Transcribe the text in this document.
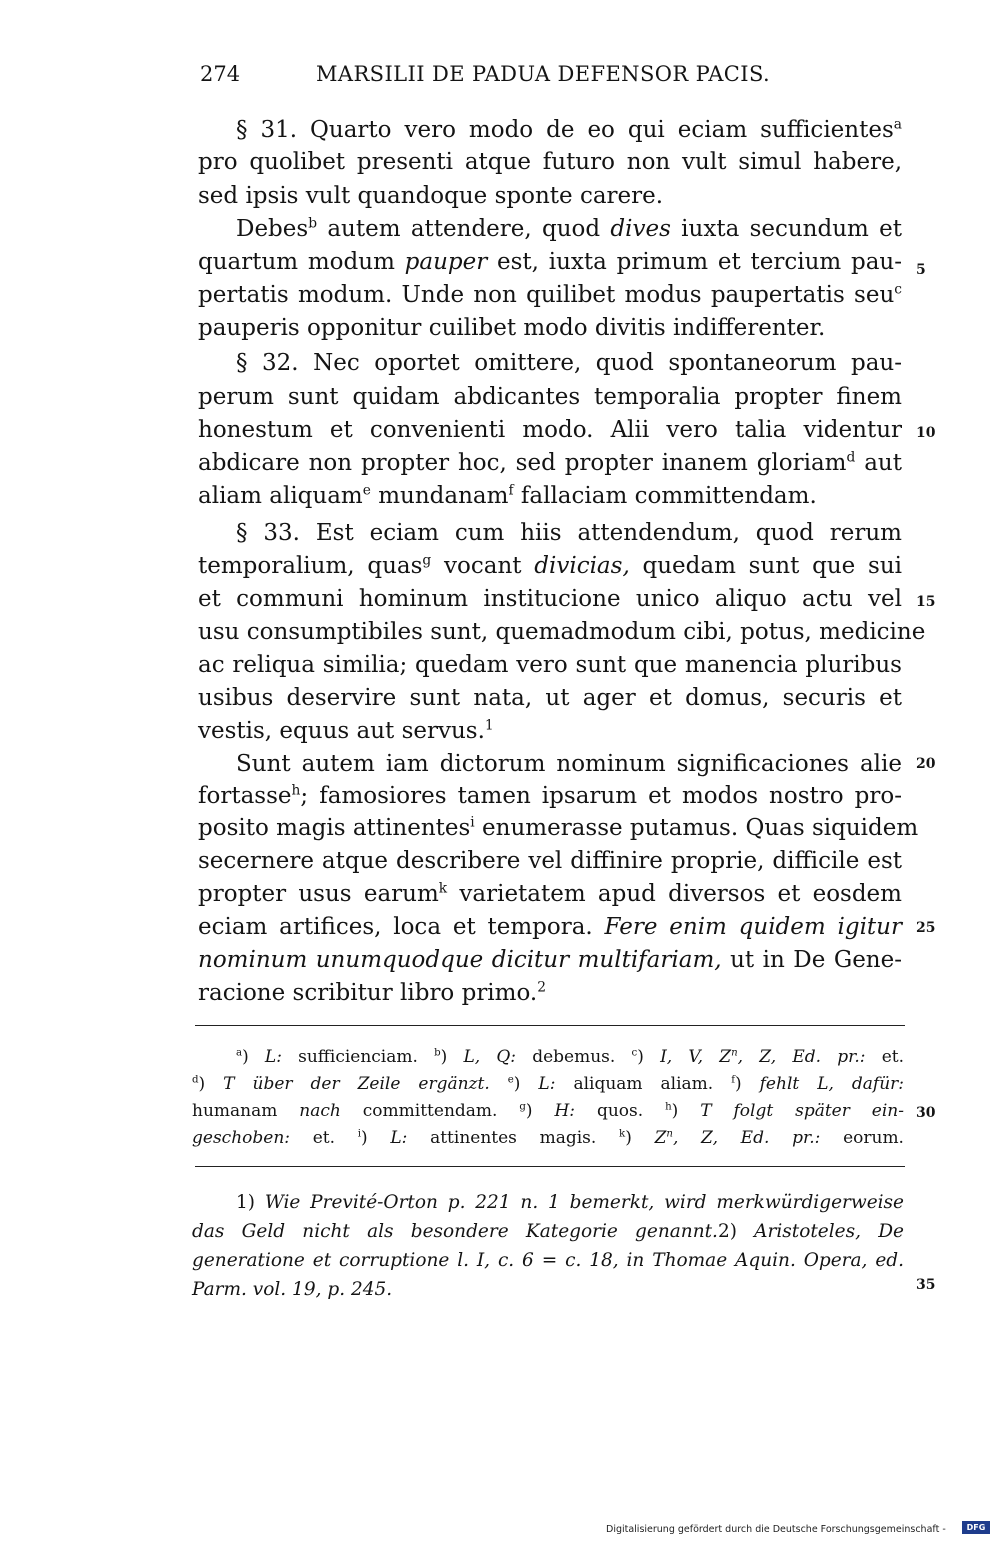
274	MARSILII DE PADUA DEFENSOR PACIS.
§ 31. Quarto vero modo de eo qui eciam sufficientes$^a$
pro quolibet presenti atque futuro non vult simul habere,
sed ipsis vult quandoque sponte carere.
Debes$^b$ autem attendere, quod dives iuxta secundum et
quartum modum pauper est, iuxta primum et tercium pau-
pertatis modum. Unde non quilibet modus paupertatis seu$^c$
pauperis opponitur cuilibet modo divitis indifferenter.
§ 32. Nec oportet omittere, quod spontaneorum pau-
perum sunt quidam abdicantes temporalia propter finem
honestum et convenienti modo. Alii vero talia videntur
abdicare non propter hoc, sed propter inanem gloriam$^d$ aut
aliam aliquam$^e$ mundanam$^f$ fallaciam committendam.
§ 33. Est eciam cum hiis attendendum, quod rerum
temporalium, quas$^g$ vocant divicias, quedam sunt que sui
et communi hominum institucione unico aliquo actu vel
usu consumptibiles sunt, quemadmodum cibi, potus, medicine
ac reliqua similia; quedam vero sunt que manencia pluribus
usibus deservire sunt nata, ut ager et domus, securis et
vestis, equus aut servus.$^1$
Sunt autem iam dictorum nominum significaciones alie
fortasse$^h$; famosiores tamen ipsarum et modos nostro pro-
posito magis attinentes$^i$ enumerasse putamus. Quas siquidem
secernere atque describere vel diffinire proprie, difficile est
propter usus earum$^k$ varietatem apud diversos et eosdem
eciam artifices, loca et tempora. Fere enim quidem igitur
nominum unumquodque dicitur multifariam, ut in De Gene-
racione scribitur libro primo.$^2$
5
10
15
20
25
30
35
$^a$) L: sufficienciam. $^b$) L, Q: debemus. $^c$) I, V, $Z^n$, Z, Ed. pr.: et.
$^d$) T über der Zeile ergänzt. $^e$) L: aliquam aliam. $^f$) fehlt L, dafür:
humanam nach committendam. $^g$) H: quos. $^h$) T folgt später ein-
geschoben: et. $^i$) L: attinentes magis. $^k$) $Z^n$, Z, Ed. pr.: eorum.
1) Wie Previté-Orton p. 221 n. 1 bemerkt, wird merkwürdigerweise
das Geld nicht als besondere Kategorie genannt.2) Aristoteles, De
generatione et corruptione l. I, c. 6 = c. 18, in Thomae Aquin. Opera, ed.
Parm. vol. 19, p. 245.
Digitalisierung gefördert durch die Deutsche Forschungsgemeinschaft -	DFG
